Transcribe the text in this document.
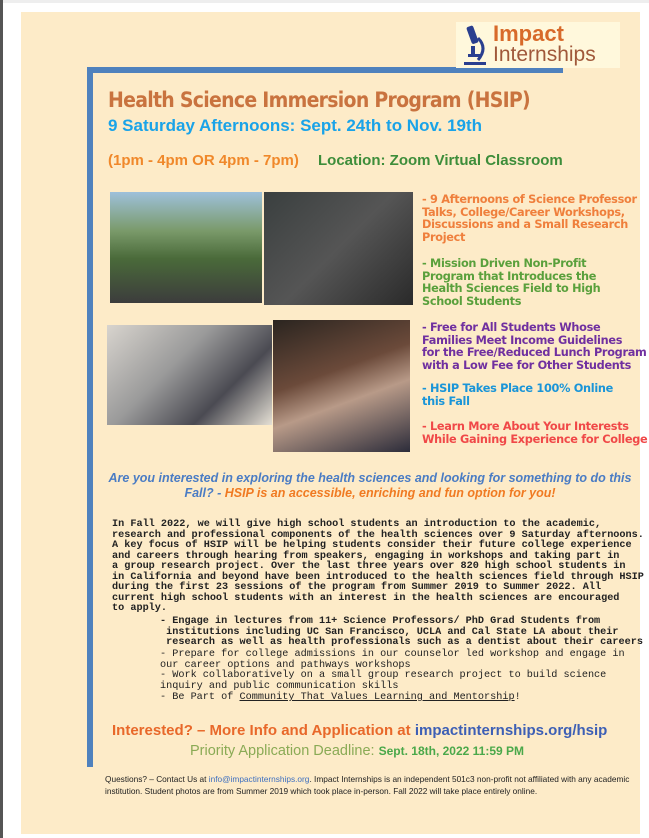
Impact
Internships
Health Science Immersion Program (HSIP)
9 Saturday Afternoons: Sept. 24th to Nov. 19th
(1pm - 4pm OR 4pm - 7pm) Location: Zoom Virtual Classroom
- 9 Afternoons of Science Professor
Talks, College/Career Workshops,
Discussions and a Small Research
Project
- Mission Driven Non-Profit
Program that Introduces the
Health Sciences Field to High
School Students
- Free for All Students Whose
Families Meet Income Guidelines
for the Free/Reduced Lunch Program
with a Low Fee for Other Students
- HSIP Takes Place 100% Online
this Fall
- Learn More About Your Interests
While Gaining Experience for College
Are you interested in exploring the health sciences and looking for something to do this Fall? - HSIP is an accessible, enriching and fun option for you!
In Fall 2022, we will give high school students an introduction to the academic,
research and professional components of the health sciences over 9 Saturday afternoons.
A key focus of HSIP will be helping students consider their future college experience
and careers through hearing from speakers, engaging in workshops and taking part in
a group research project. Over the last three years over 820 high school students in
in California and beyond have been introduced to the health sciences field through HSIP
during the first 23 sessions of the program from Summer 2019 to Summer 2022. All
current high school students with an interest in the health sciences are encouraged
to apply.
- Engage in lectures from 11+ Science Professors/ PhD Grad Students from
institutions including UC San Francisco, UCLA and Cal State LA about their
research as well as health professionals such as a dentist about their careers
- Prepare for college admissions in our counselor led workshop and engage in
our career options and pathways workshops
- Work collaboratively on a small group research project to build science
inquiry and public communication skills
- Be Part of Community That Values Learning and Mentorship!
Interested? – More Info and Application at impactinternships.org/hsip
Priority Application Deadline: Sept. 18th, 2022 11:59 PM
Questions? – Contact Us at info@impactinternships.org. Impact Internships is an independent 501c3 non-profit not affiliated with any academic institution. Student photos are from Summer 2019 which took place in-person. Fall 2022 will take place entirely online.
